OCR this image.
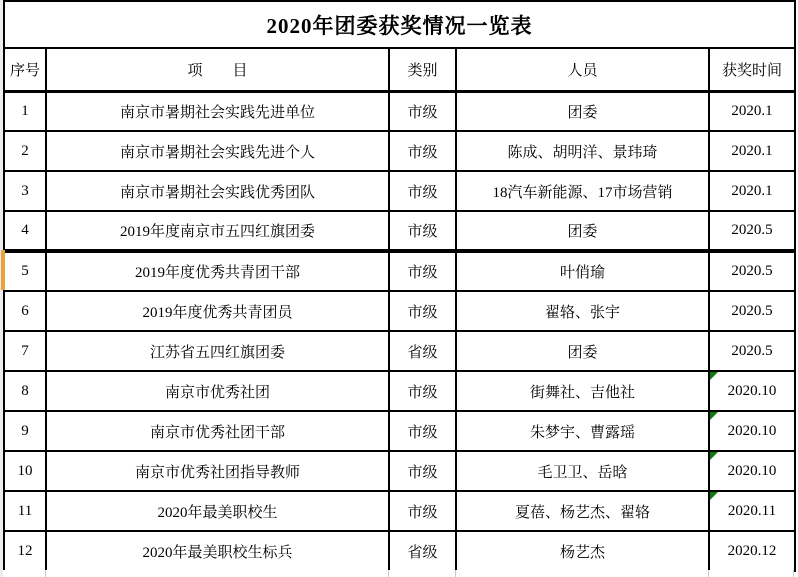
2020年团委获奖情况一览表				
序号	项　　目	类别	人员	获奖时间
1	南京市暑期社会实践先进单位	市级	团委	2020.1
2	南京市暑期社会实践先进个人	市级	陈成、胡明洋、景玮琦	2020.1
3	南京市暑期社会实践优秀团队	市级	18汽车新能源、17市场营销	2020.1
4	2019年度南京市五四红旗团委	市级	团委	2020.5
5	2019年度优秀共青团干部	市级	叶俏瑜	2020.5
6	2019年度优秀共青团员	市级	翟辂、张宇	2020.5
7	江苏省五四红旗团委	省级	团委	2020.5
8	南京市优秀社团	市级	街舞社、吉他社	2020.10

9	南京市优秀社团干部	市级	朱梦宇、曹露瑶	2020.10

10	南京市优秀社团指导教师	市级	毛卫卫、岳晗	2020.10

11	2020年最美职校生	市级	夏蓓、杨艺杰、翟辂	2020.11

12	2020年最美职校生标兵	省级	杨艺杰	2020.12
